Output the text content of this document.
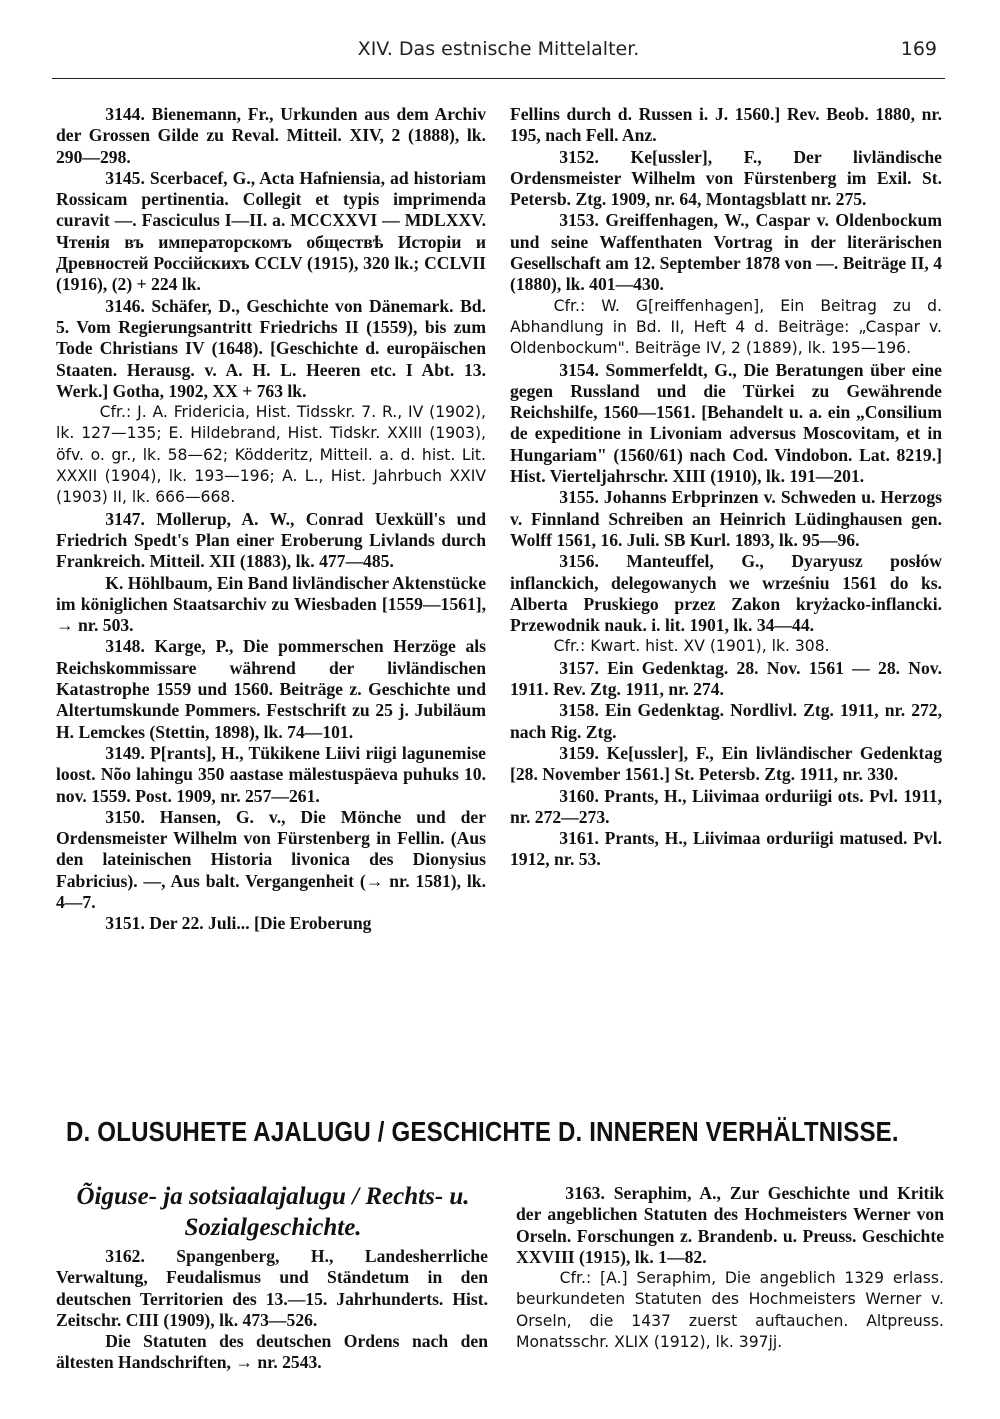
XIV. Das estnische Mittelalter.	169

3144. Bienemann, Fr., Urkunden aus dem Archiv der Grossen Gilde zu Reval. Mitteil. XIV, 2 (1888), lk. 290—298.

3145. Scerbacef, G., Acta Hafniensia, ad historiam Rossicam pertinentia. Collegit et typis imprimenda curavit —. Fasciculus I—II. a. MCCXXVI — MDLXXV. Чтенія въ императорскомъ обществѣ Исторіи и Древностей Россійскихъ CCLV (1915), 320 lk.; CCLVII (1916), (2) + 224 lk.

3146. Schäfer, D., Geschichte von Dänemark. Bd. 5. Vom Regierungsantritt Friedrichs II (1559), bis zum Tode Christians IV (1648). [Geschichte d. europäischen Staaten. Herausg. v. A. H. L. Heeren etc. I Abt. 13. Werk.] Gotha, 1902, XX + 763 lk.

Cfr.: J. A. Fridericia, Hist. Tidsskr. 7. R., IV (1902), lk. 127—135; E. Hildebrand, Hist. Tidskr. XXIII (1903), öfv. o. gr., lk. 58—62; Ködderitz, Mitteil. a. d. hist. Lit. XXXII (1904), lk. 193—196; A. L., Hist. Jahrbuch XXIV (1903) II, lk. 666—668.

3147. Mollerup, A. W., Conrad Uexküll's und Friedrich Spedt's Plan einer Eroberung Livlands durch Frankreich. Mitteil. XII (1883), lk. 477—485.

K. Höhlbaum, Ein Band livländischer Aktenstücke im königlichen Staatsarchiv zu Wiesbaden [1559—1561], → nr. 503.

3148. Karge, P., Die pommerschen Herzöge als Reichskommissare während der livländischen Katastrophe 1559 und 1560. Beiträge z. Geschichte und Altertumskunde Pommers. Festschrift zu 25 j. Jubiläum H. Lemckes (Stettin, 1898), lk. 74—101.

3149. P[rants], H., Tükikene Liivi riigi lagunemise loost. Nõo lahingu 350 aastase mälestuspäeva puhuks 10. nov. 1559. Post. 1909, nr. 257—261.

3150. Hansen, G. v., Die Mönche und der Ordensmeister Wilhelm von Fürstenberg in Fellin. (Aus den lateinischen Historia livonica des Dionysius Fabricius). —, Aus balt. Vergangenheit (→ nr. 1581), lk. 4—7.

3151. Der 22. Juli... [Die Eroberung

Fellins durch d. Russen i. J. 1560.] Rev. Beob. 1880, nr. 195, nach Fell. Anz.

3152. Ke[ussler], F., Der livländische Ordensmeister Wilhelm von Fürstenberg im Exil. St. Petersb. Ztg. 1909, nr. 64, Montagsblatt nr. 275.

3153. Greiffenhagen, W., Caspar v. Oldenbockum und seine Waffenthaten Vortrag in der literärischen Gesellschaft am 12. September 1878 von —. Beiträge II, 4 (1880), lk. 401—430.

Cfr.: W. G[reiffenhagen], Ein Beitrag zu d. Abhandlung in Bd. II, Heft 4 d. Beiträge: „Caspar v. Oldenbockum". Beiträge IV, 2 (1889), lk. 195—196.

3154. Sommerfeldt, G., Die Beratungen über eine gegen Russland und die Türkei zu Gewährende Reichshilfe, 1560—1561. [Behandelt u. a. ein „Consilium de expeditione in Livoniam adversus Moscovitam, et in Hungariam" (1560/61) nach Cod. Vindobon. Lat. 8219.] Hist. Vierteljahrschr. XIII (1910), lk. 191—201.

3155. Johanns Erbprinzen v. Schweden u. Herzogs v. Finnland Schreiben an Heinrich Lüdinghausen gen. Wolff 1561, 16. Juli. SB Kurl. 1893, lk. 95—96.

3156. Manteuffel, G., Dyaryusz posłów inflanckich, delegowanych we wrześniu 1561 do ks. Alberta Pruskiego przez Zakon kryżacko-inflancki. Przewodnik nauk. i. lit. 1901, lk. 34—44.

Cfr.: Kwart. hist. XV (1901), lk. 308.

3157. Ein Gedenktag. 28. Nov. 1561 — 28. Nov. 1911. Rev. Ztg. 1911, nr. 274.

3158. Ein Gedenktag. Nordlivl. Ztg. 1911, nr. 272, nach Rig. Ztg.

3159. Ke[ussler], F., Ein livländischer Gedenktag [28. November 1561.] St. Petersb. Ztg. 1911, nr. 330.

3160. Prants, H., Liivimaa orduriigi ots. Pvl. 1911, nr. 272—273.

3161. Prants, H., Liivimaa orduriigi matused. Pvl. 1912, nr. 53.

D. OLUSUHETE AJALUGU / GESCHICHTE D. INNEREN VERHÄLTNISSE.
Õiguse- ja sotsiaalajalugu / Rechts- u. Sozialgeschichte.

3162. Spangenberg, H., Landesherrliche Verwaltung, Feudalismus und Ständetum in den deutschen Territorien des 13.—15. Jahrhunderts. Hist. Zeitschr. CIII (1909), lk. 473—526.

Die Statuten des deutschen Ordens nach den ältesten Handschriften, → nr. 2543.

3163. Seraphim, A., Zur Geschichte und Kritik der angeblichen Statuten des Hochmeisters Werner von Orseln. Forschungen z. Brandenb. u. Preuss. Geschichte XXVIII (1915), lk. 1—82.

Cfr.: [A.] Seraphim, Die angeblich 1329 erlass. beurkundeten Statuten des Hochmeisters Werner v. Orseln, die 1437 zuerst auftauchen. Altpreuss. Monatsschr. XLIX (1912), lk. 397jj.
